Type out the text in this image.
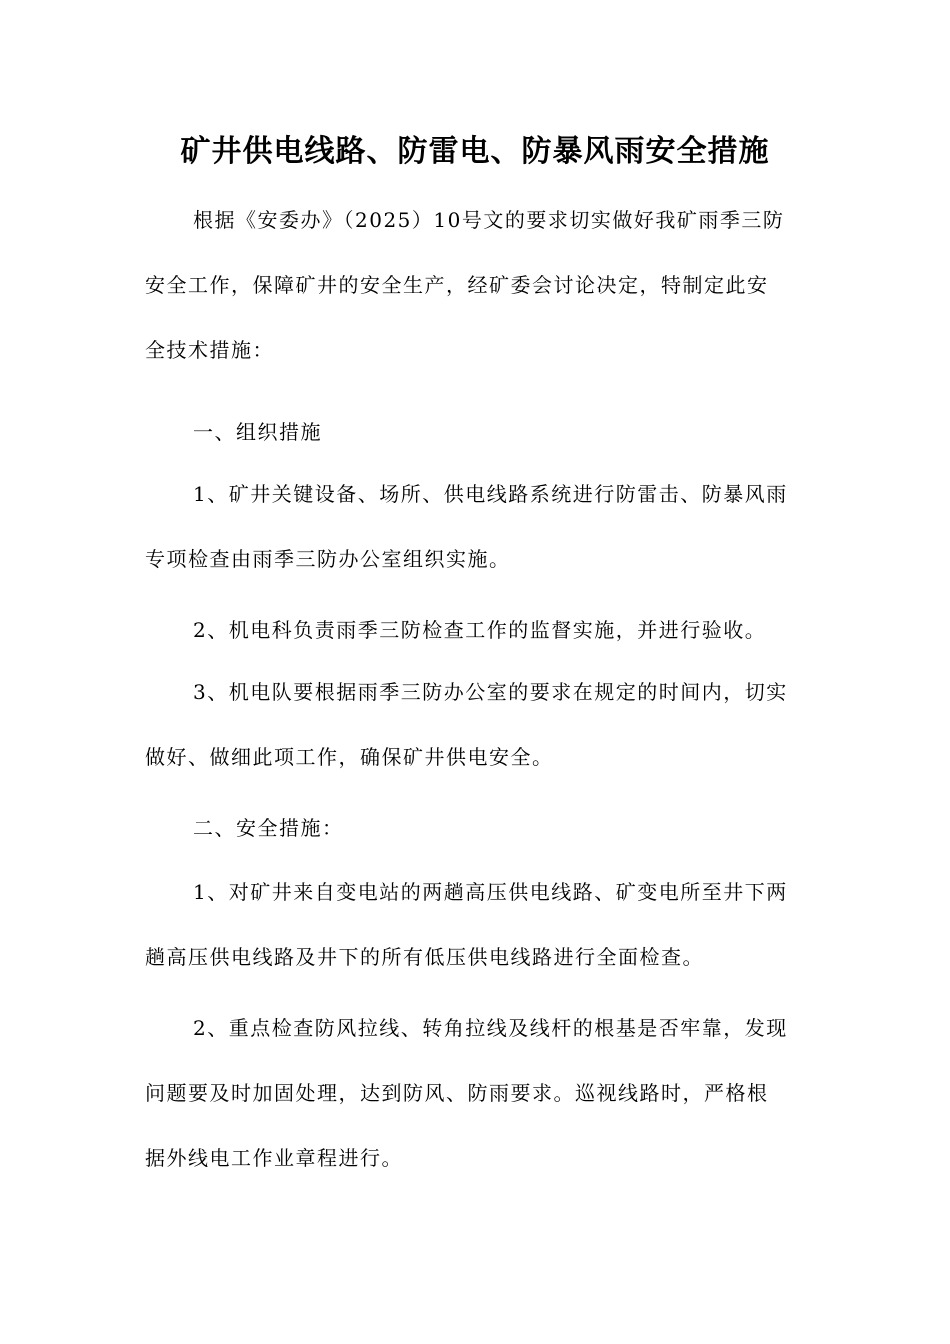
矿井供电线路、防雷电、防暴风雨安全措施
根据《安委办》（2025）10号文的要求切实做好我矿雨季三防
安全工作，保障矿井的安全生产，经矿委会讨论决定，特制定此安
全技术措施：
一、组织措施
1、矿井关键设备、场所、供电线路系统进行防雷击、防暴风雨
专项检查由雨季三防办公室组织实施。
2、机电科负责雨季三防检查工作的监督实施，并进行验收。
3、机电队要根据雨季三防办公室的要求在规定的时间内，切实
做好、做细此项工作，确保矿井供电安全。
二、安全措施：
1、对矿井来自变电站的两趟高压供电线路、矿变电所至井下两
趟高压供电线路及井下的所有低压供电线路进行全面检查。
2、重点检查防风拉线、转角拉线及线杆的根基是否牢靠，发现
问题要及时加固处理，达到防风、防雨要求。巡视线路时，严格根
据外线电工作业章程进行。
